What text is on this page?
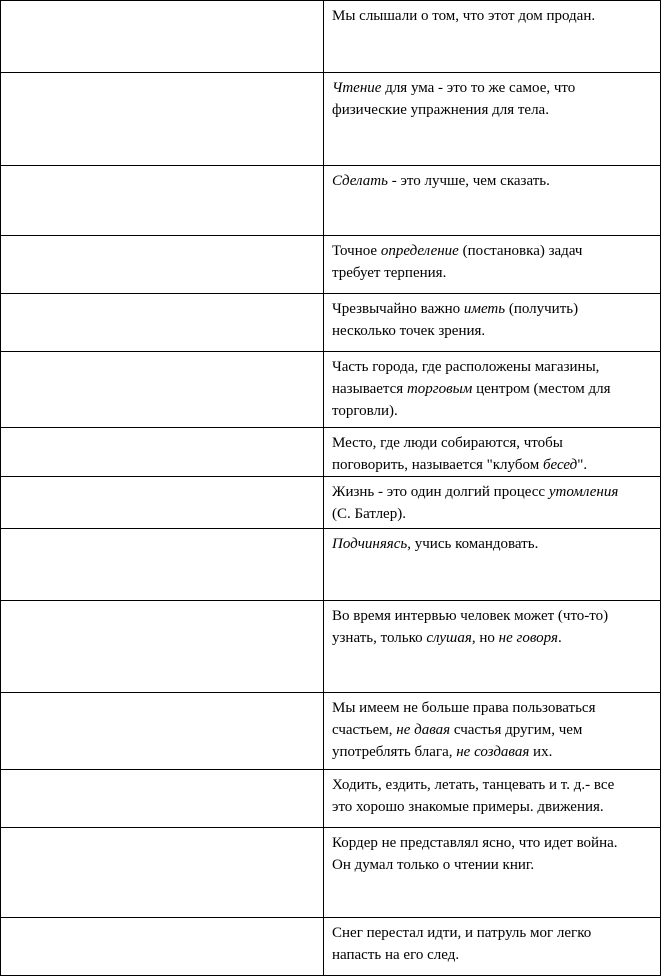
	Мы слышали о том, что этот дом продан.

	Чтение для ума - это то же самое, что
физические упражнения для тела.

	Сделать - это лучше, чем сказать.

	Точное определение (постановка) задач
требует терпения.

	Чрезвычайно важно иметь (получить)
несколько точек зрения.

	Часть города, где расположены магазины,
называется торговым центром (местом для
торговли).

	Место, где люди собираются, чтобы
поговорить, называется "клубом бесед".

	Жизнь - это один долгий процесс утомления
(С. Батлер).

	Подчиняясь, учись командовать.

	Во время интервью человек может (что-то)
узнать, только слушая, но не говоря.

	Мы имеем не больше права пользоваться
счастьем, не давая счастья другим, чем
употреблять блага, не создавая их.

	Ходить, ездить, летать, танцевать и т. д.- все
это хорошо знакомые примеры. движения.

	Кордер не представлял ясно, что идет война.
Он думал только о чтении книг.

	Снег перестал идти, и патруль мог легко
напасть на его след.
